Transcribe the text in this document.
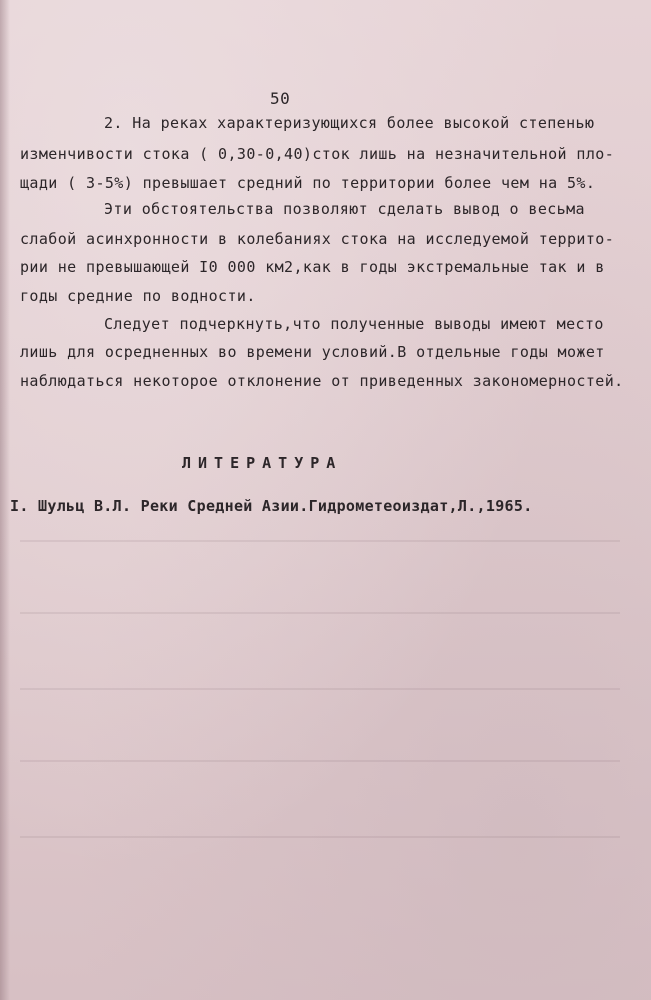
50
2. На реках характеризующихся более высокой степенью
изменчивости стока ( 0,30-0,40)сток лишь на незначительной пло-
щади ( 3-5%) превышает средний по территории более чем на 5%.
Эти обстоятельства позволяют сделать вывод о весьма
слабой асинхронности в колебаниях стока на исследуемой террито-
рии не превышающей I0 000 км2,как в годы экстремальные так и в
годы средние по водности.
Следует подчеркнуть,что полученные выводы имеют место
лишь для осредненных во времени условий.В отдельные годы может
наблюдаться некоторое отклонение от приведенных закономерностей.
ЛИТЕРАТУРА
I. Шульц В.Л. Реки Средней Азии.Гидрометеоиздат,Л.,1965.
